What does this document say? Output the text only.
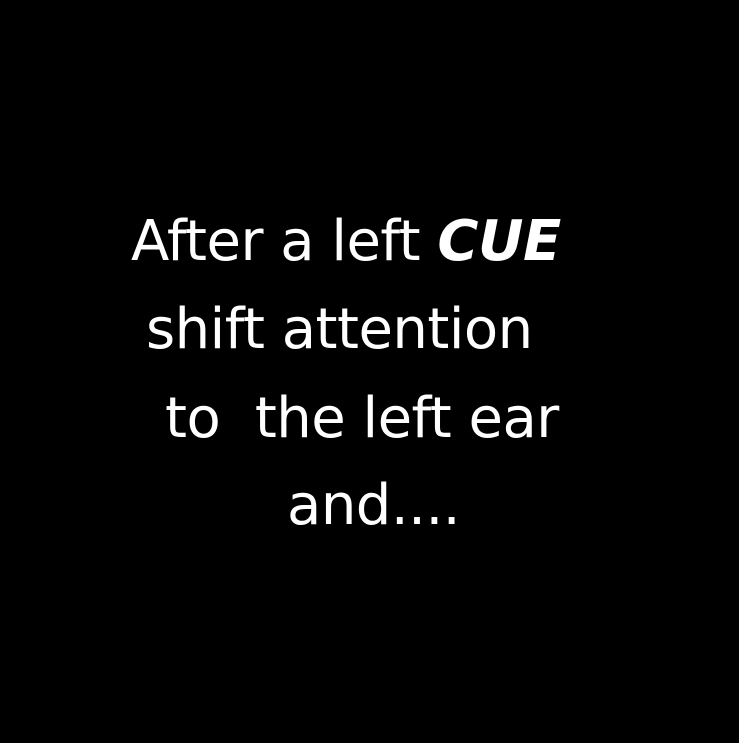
After a left CUE
shift attention
to  the left ear
and....
